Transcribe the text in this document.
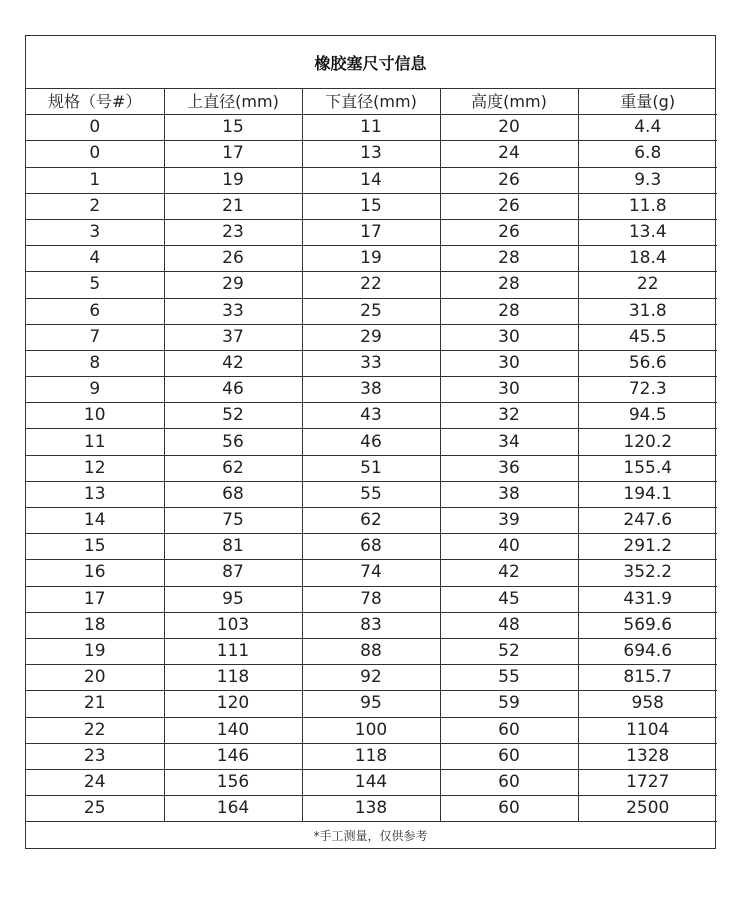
橡胶塞尺寸信息
规格（号#）	上直径(mm)	下直径(mm)	高度(mm)	重量(g)
0	15	11	20	4.4
0	17	13	24	6.8
1	19	14	26	9.3
2	21	15	26	11.8
3	23	17	26	13.4
4	26	19	28	18.4
5	29	22	28	22
6	33	25	28	31.8
7	37	29	30	45.5
8	42	33	30	56.6
9	46	38	30	72.3
10	52	43	32	94.5
11	56	46	34	120.2
12	62	51	36	155.4
13	68	55	38	194.1
14	75	62	39	247.6
15	81	68	40	291.2
16	87	74	42	352.2
17	95	78	45	431.9
18	103	83	48	569.6
19	111	88	52	694.6
20	118	92	55	815.7
21	120	95	59	958
22	140	100	60	1104
23	146	118	60	1328
24	156	144	60	1727
25	164	138	60	2500
*手工测量，仅供参考
